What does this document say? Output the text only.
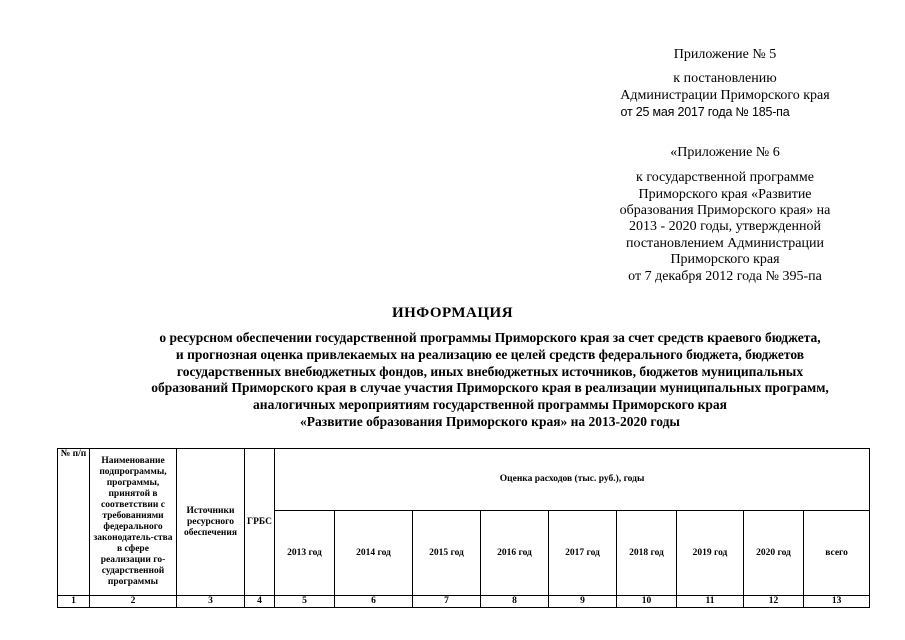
Приложение № 5
к постановлению
Администрации Приморского края
от 25 мая 2017 года № 185-па
«Приложение № 6
к государственной программе
Приморского края «Развитие
образования Приморского края» на
2013 - 2020 годы, утвержденной
постановлением Администрации
Приморского края
от 7 декабря 2012 года № 395-па
ИНФОРМАЦИЯ
о ресурсном обеспечении государственной программы Приморского края за счет средств краевого бюджета,
и прогнозная оценка привлекаемых на реализацию ее целей средств федерального бюджета, бюджетов
государственных внебюджетных фондов, иных внебюджетных источников, бюджетов муниципальных
образований Приморского края в случае участия Приморского края в реализации муниципальных программ,
аналогичных мероприятиям государственной программы Приморского края
«Развитие образования Приморского края» на 2013-2020 годы
№ п/п	Наименование подпрограммы, программы, принятой в соответствии с требованиями федерального законодатель-ства в сфере реализации го-сударственной программы	Источники ресурсного обеспечения	ГРБС	Оценка расходов (тыс. руб.), годы								
				2013 год	2014 год	2015 год	2016 год	2017 год	2018 год	2019 год	2020 год	всего
1	2	3	4	5	6	7	8	9	10	11	12	13
